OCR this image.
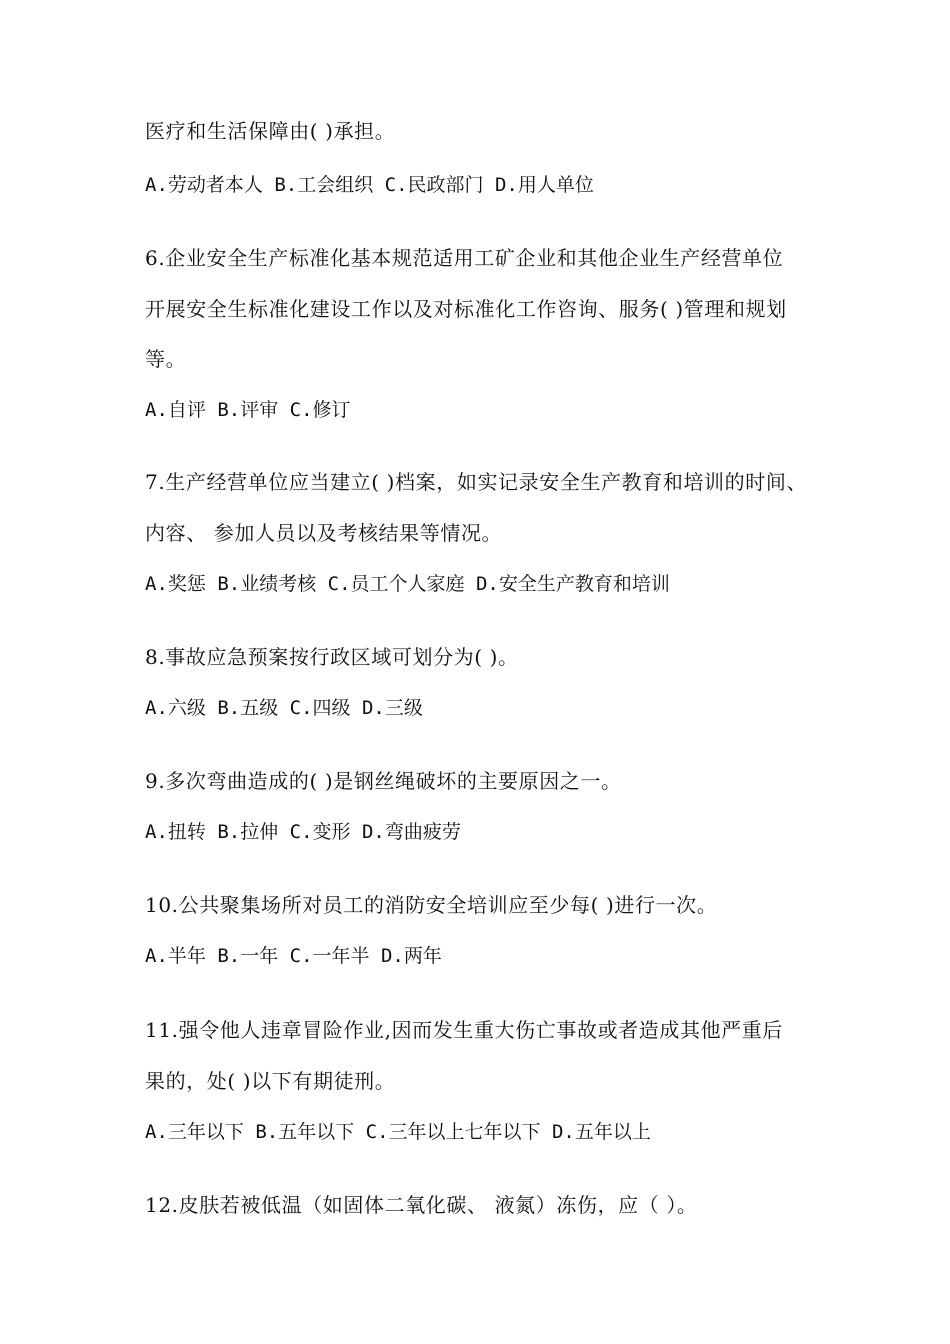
医疗和生活保障由( )承担。
A.劳动者本人 B.工会组织 C.民政部门 D.用人单位
6.企业安全生产标准化基本规范适用工矿企业和其他企业生产经营单位
开展安全生标准化建设工作以及对标准化工作咨询、服务( )管理和规划
等。
A.自评 B.评审 C.修订
7.生产经营单位应当建立( )档案，如实记录安全生产教育和培训的时间、
内容、 参加人员以及考核结果等情况。
A.奖惩 B.业绩考核 C.员工个人家庭 D.安全生产教育和培训
8.事故应急预案按行政区域可划分为( )。
A.六级 B.五级 C.四级 D.三级
9.多次弯曲造成的( )是钢丝绳破坏的主要原因之一。
A.扭转 B.拉伸 C.变形 D.弯曲疲劳
10.公共聚集场所对员工的消防安全培训应至少每( )进行一次。
A.半年 B.一年 C.一年半 D.两年
11.强令他人违章冒险作业,因而发生重大伤亡事故或者造成其他严重后
果的，处( )以下有期徒刑。
A.三年以下 B.五年以下 C.三年以上七年以下 D.五年以上
12.皮肤若被低温（如固体二氧化碳、 液氮）冻伤，应（ ）。
